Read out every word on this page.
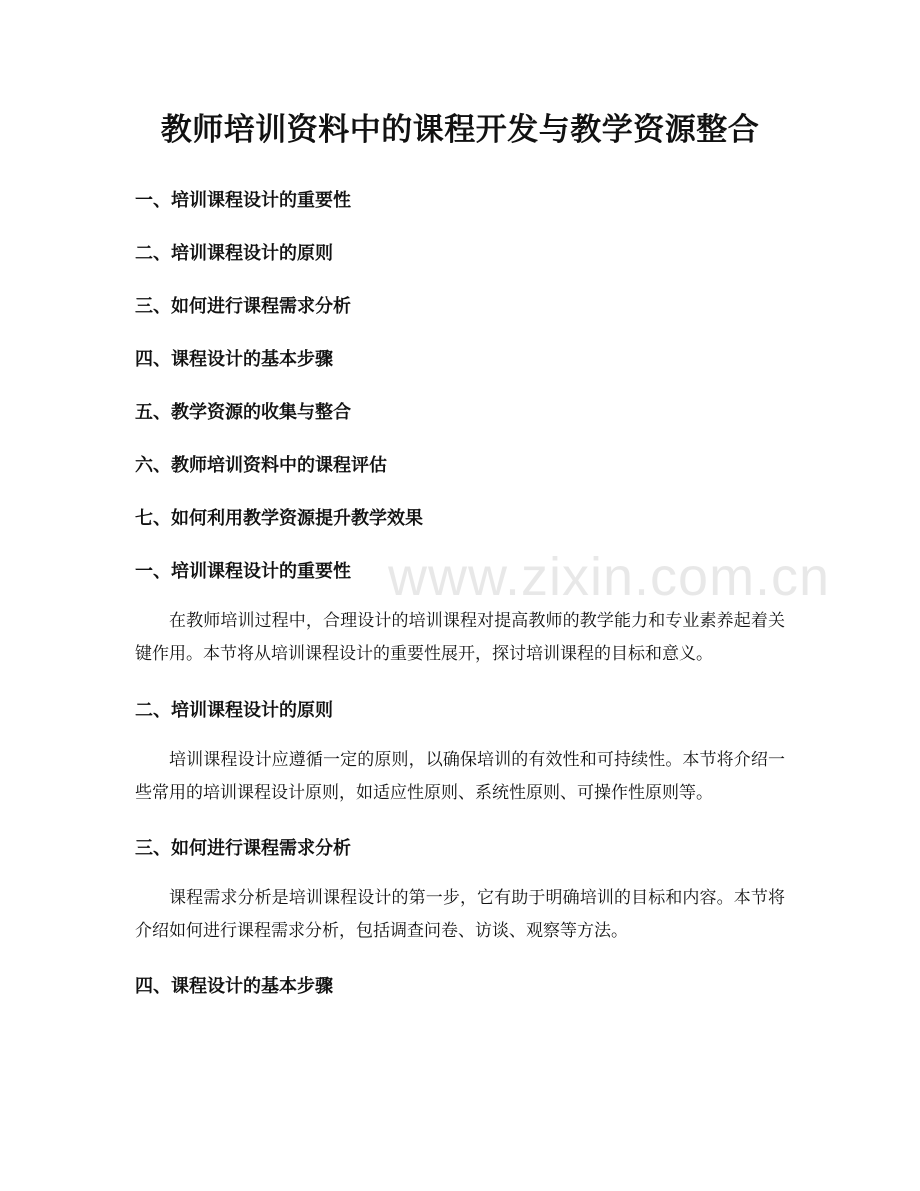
教师培训资料中的课程开发与教学资源整合

一、培训课程设计的重要性

二、培训课程设计的原则

三、如何进行课程需求分析

四、课程设计的基本步骤

五、教学资源的收集与整合

六、教师培训资料中的课程评估

七、如何利用教学资源提升教学效果

一、培训课程设计的重要性

在教师培训过程中，合理设计的培训课程对提高教师的教学能力和专业素养起着关键作用。本节将从培训课程设计的重要性展开，探讨培训课程的目标和意义。

二、培训课程设计的原则

培训课程设计应遵循一定的原则，以确保培训的有效性和可持续性。本节将介绍一些常用的培训课程设计原则，如适应性原则、系统性原则、可操作性原则等。

三、如何进行课程需求分析

课程需求分析是培训课程设计的第一步，它有助于明确培训的目标和内容。本节将介绍如何进行课程需求分析，包括调查问卷、访谈、观察等方法。

四、课程设计的基本步骤
www.zixin.com.cn
